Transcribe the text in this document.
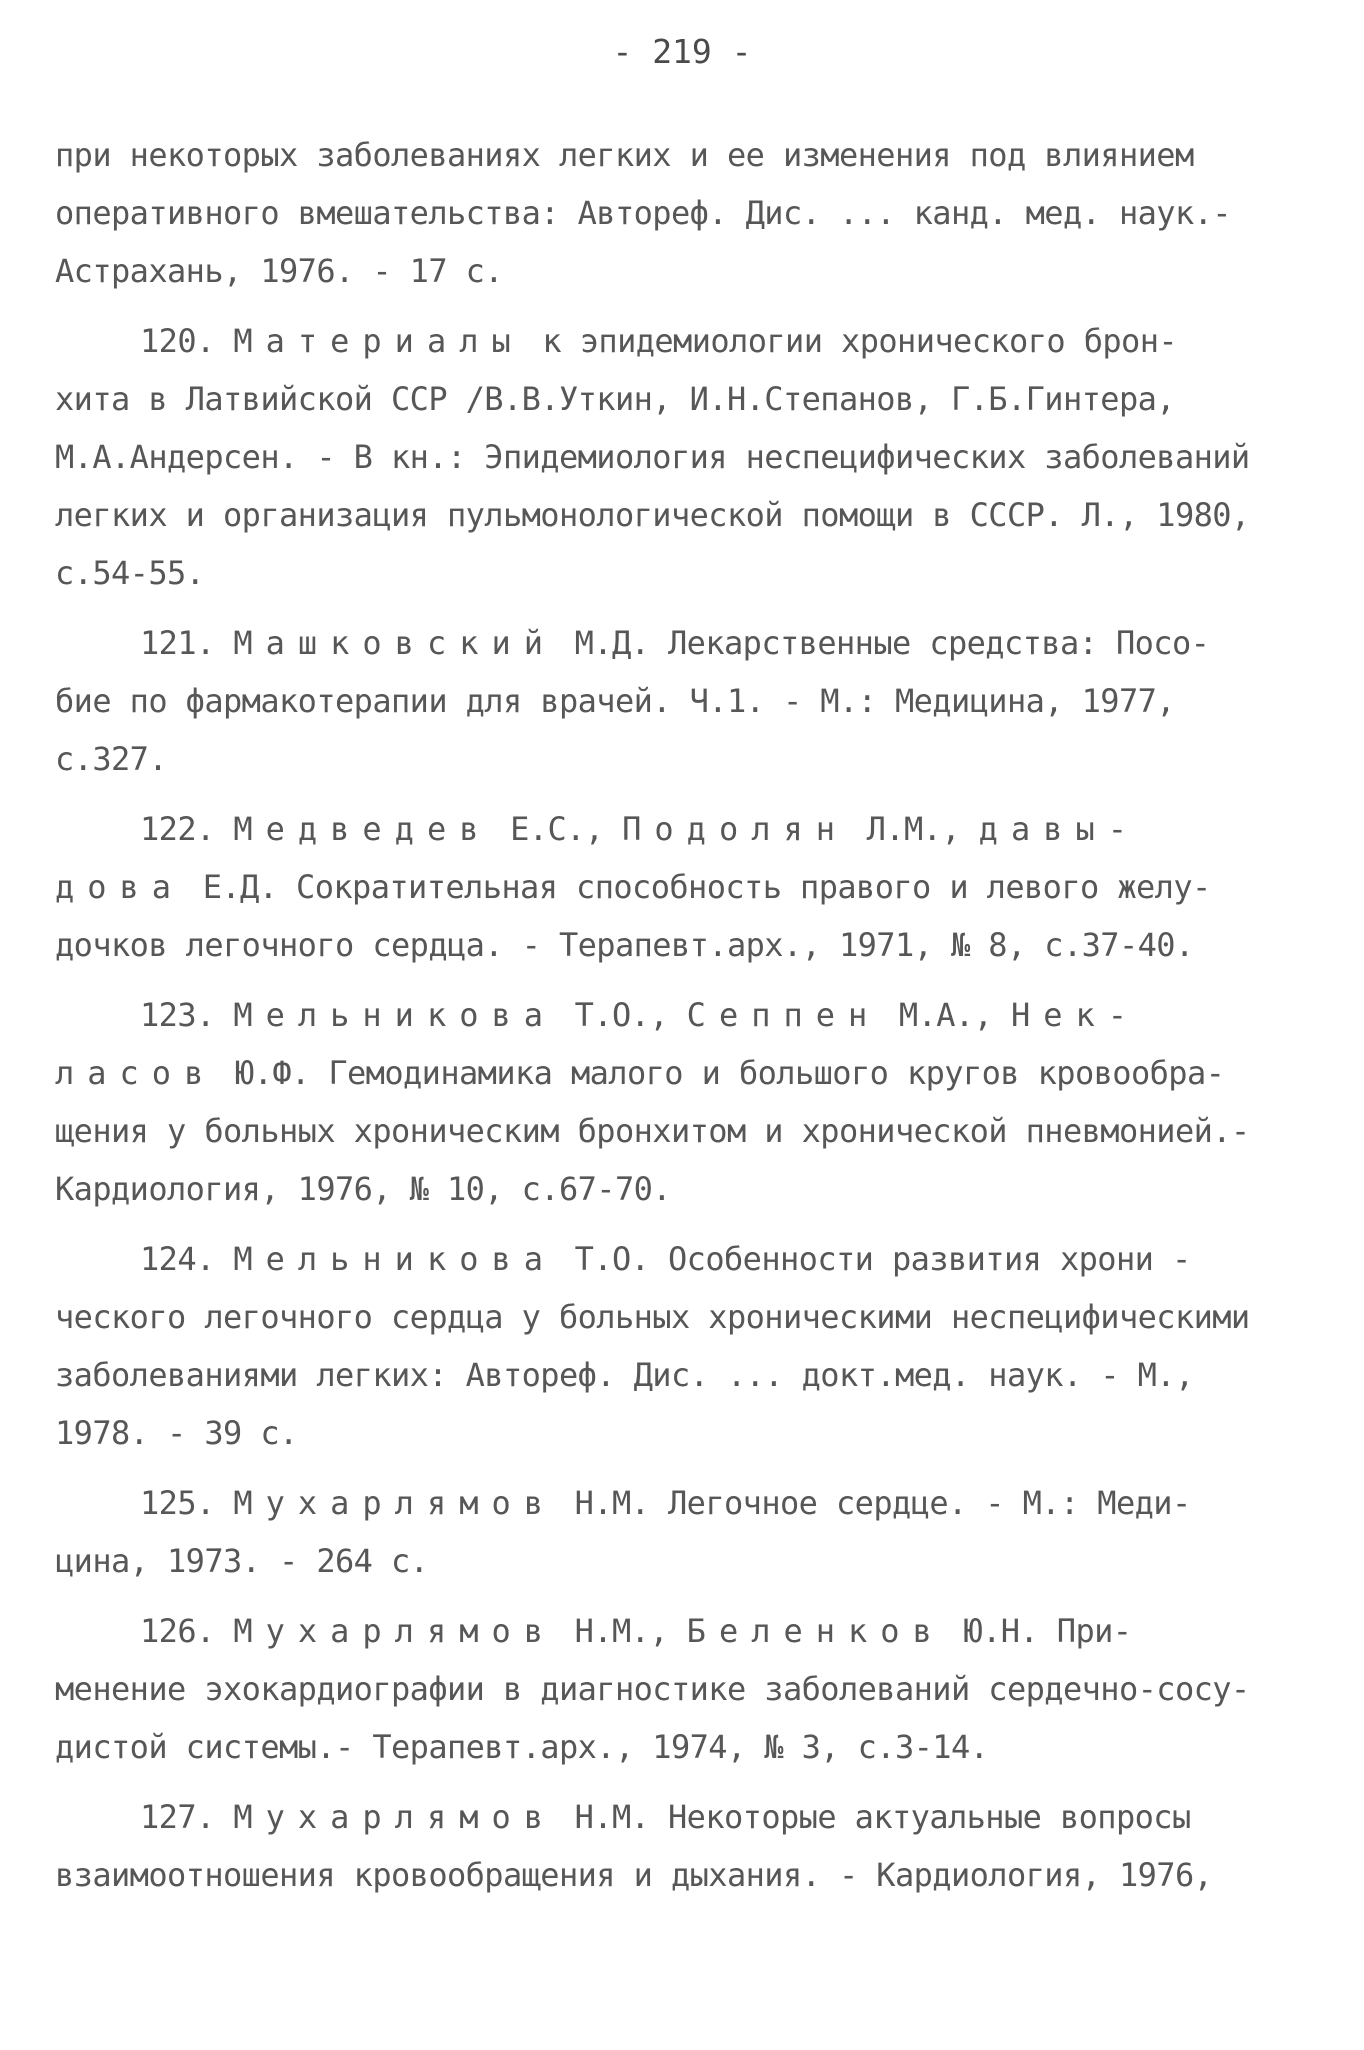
- 219 -
при некоторых заболеваниях легких и ее изменения под влиянием
оперативного вмешательства: Автореф. Дис. ... канд. мед. наук.-
Астрахань, 1976. - 17 с.
120. Материалы к эпидемиологии хронического брон-
хита в Латвийской ССР /В.В.Уткин, И.Н.Степанов, Г.Б.Гинтера,
М.А.Андерсен. - В кн.: Эпидемиология неспецифических заболеваний
легких и организация пульмонологической помощи в СССР. Л., 1980,
с.54-55.
121. Машковский М.Д. Лекарственные средства: Посо-
бие по фармакотерапии для врачей. Ч.1. - М.: Медицина, 1977,
с.327.
122. Медведев Е.С., Подолян Л.М., давы-
дова Е.Д. Сократительная способность правого и левого желу-
дочков легочного сердца. - Терапевт.арх., 1971, № 8, с.37-40.
123. Мельникова Т.О., Сеппен М.А., Нек-
ласов Ю.Ф. Гемодинамика малого и большого кругов кровообра-
щения у больных хроническим бронхитом и хронической пневмонией.-
Кардиология, 1976, № 10, с.67-70.
124. Мельникова Т.О. Особенности развития хрони -
ческого легочного сердца у больных хроническими неспецифическими
заболеваниями легких: Автореф. Дис. ... докт.мед. наук. - М.,
1978. - 39 с.
125. Мухарлямов Н.М. Легочное сердце. - М.: Меди-
цина, 1973. - 264 с.
126. Мухарлямов Н.М., Беленков Ю.Н. При-
менение эхокардиографии в диагностике заболеваний сердечно-сосу-
дистой системы.- Терапевт.арх., 1974, № 3, с.3-14.
127. Мухарлямов Н.М. Некоторые актуальные вопросы
взаимоотношения кровообращения и дыхания. - Кардиология, 1976,
